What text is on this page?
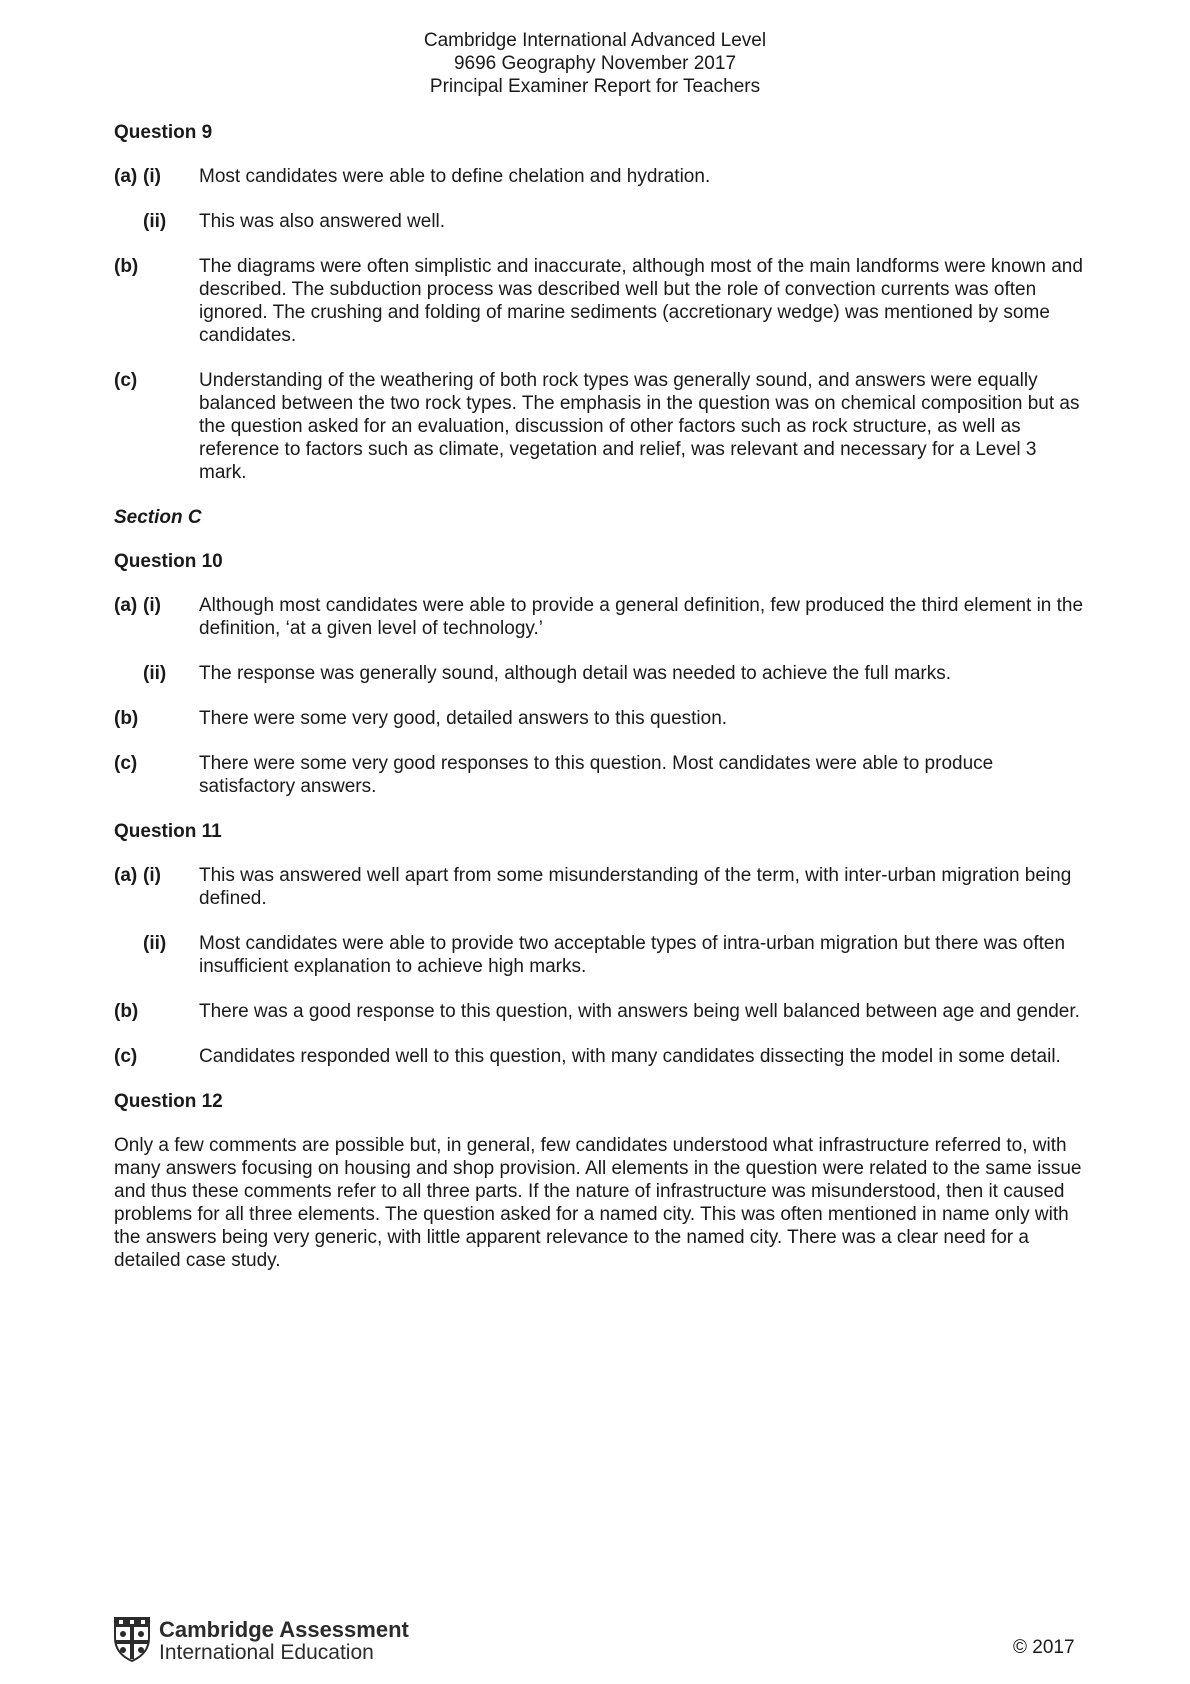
Cambridge International Advanced Level
9696 Geography November 2017
Principal Examiner Report for Teachers
Question 9
(a) (i) Most candidates were able to define chelation and hydration.
(ii) This was also answered well.
(b)	The diagrams were often simplistic and inaccurate, although most of the main landforms were known and described. The subduction process was described well but the role of convection currents was often ignored. The crushing and folding of marine sediments (accretionary wedge) was mentioned by some candidates.
(c)	Understanding of the weathering of both rock types was generally sound, and answers were equally balanced between the two rock types. The emphasis in the question was on chemical composition but as the question asked for an evaluation, discussion of other factors such as rock structure, as well as reference to factors such as climate, vegetation and relief, was relevant and necessary for a Level 3 mark.
Section C
Question 10
(a) (i) Although most candidates were able to provide a general definition, few produced the third element in the definition, ‘at a given level of technology.’
(ii) The response was generally sound, although detail was needed to achieve the full marks.
(b)	There were some very good, detailed answers to this question.
(c)	There were some very good responses to this question. Most candidates were able to produce satisfactory answers.
Question 11
(a) (i) This was answered well apart from some misunderstanding of the term, with inter-urban migration being defined.
(ii) Most candidates were able to provide two acceptable types of intra-urban migration but there was often insufficient explanation to achieve high marks.
(b)	There was a good response to this question, with answers being well balanced between age and gender.
(c)	Candidates responded well to this question, with many candidates dissecting the model in some detail.
Question 12
Only a few comments are possible but, in general, few candidates understood what infrastructure referred to, with many answers focusing on housing and shop provision. All elements in the question were related to the same issue and thus these comments refer to all three parts. If the nature of infrastructure was misunderstood, then it caused problems for all three elements. The question asked for a named city. This was often mentioned in name only with the answers being very generic, with little apparent relevance to the named city. There was a clear need for a detailed case study.
Cambridge Assessment
International Education	© 2017
